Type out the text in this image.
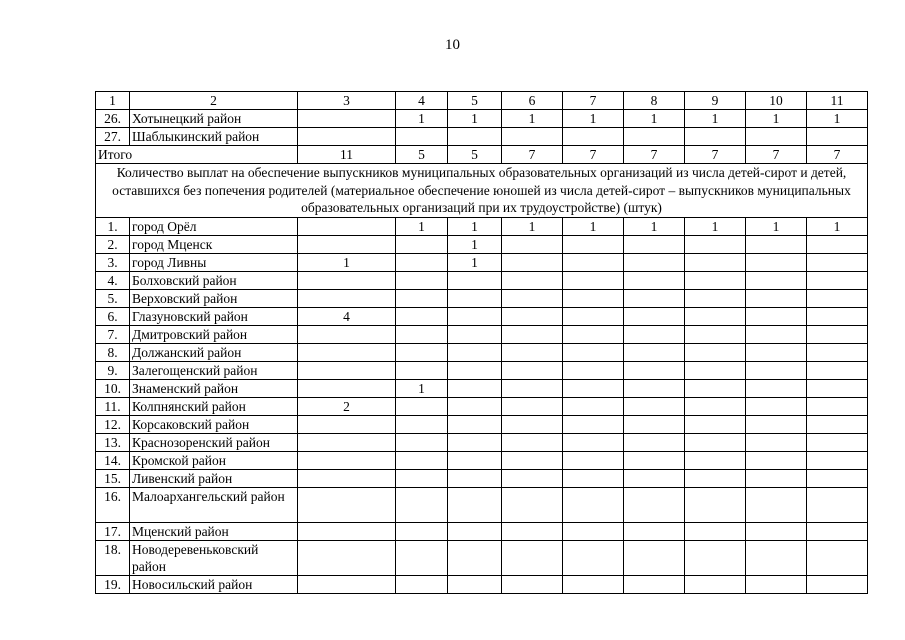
10
1	2	3	4	5	6	7	8	9	10	11
26.	Хотынецкий район		1	1	1	1	1	1	1	1
27.	Шаблыкинский район									
Итого		11	5	5	7	7	7	7	7	7
Количество выплат на обеспечение выпускников муниципальных образовательных организаций из числа детей-сирот и детей, оставшихся без попечения родителей (материальное обеспечение юношей из числа детей-сирот – выпускников муниципальных образовательных организаций при их трудоустройстве) (штук)										
1.	город Орёл		1	1	1	1	1	1	1	1
2.	город Мценск			1						
3.	город Ливны	1		1						
4.	Болховский район									
5.	Верховский район									
6.	Глазуновский район	4								
7.	Дмитровский район									
8.	Должанский район									
9.	Залегощенский район									
10.	Знаменский район		1							
11.	Колпнянский район	2								
12.	Корсаковский район									
13.	Краснозоренский район									
14.	Кромской район									
15.	Ливенский район									
16.	Малоархангельский район									
17.	Мценский район									
18.	Новодеревеньковский район									
19.	Новосильский район									
